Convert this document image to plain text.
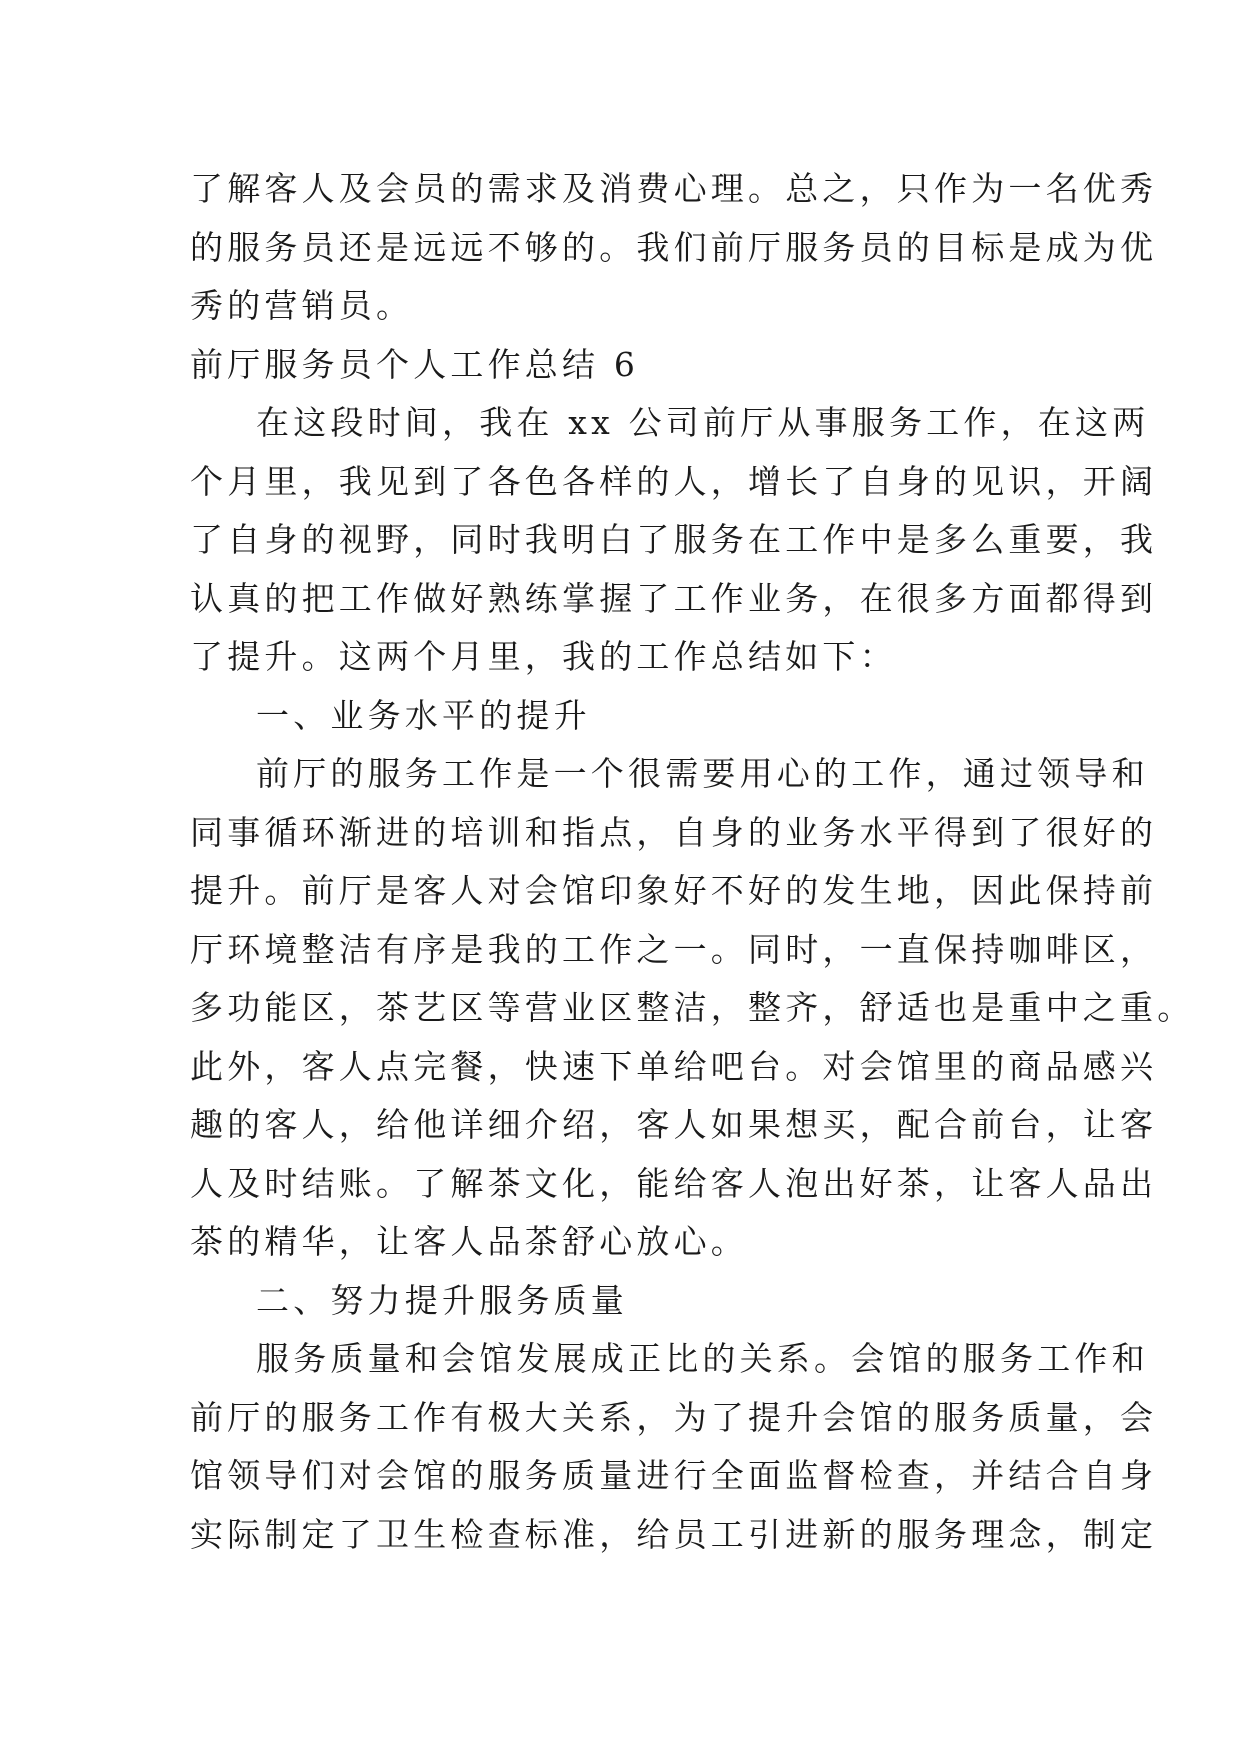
了解客人及会员的需求及消费心理。总之，只作为一名优秀
的服务员还是远远不够的。我们前厅服务员的目标是成为优
秀的营销员。
前厅服务员个人工作总结 6
在这段时间，我在 xx 公司前厅从事服务工作，在这两
个月里，我见到了各色各样的人，增长了自身的见识，开阔
了自身的视野，同时我明白了服务在工作中是多么重要，我
认真的把工作做好熟练掌握了工作业务，在很多方面都得到
了提升。这两个月里，我的工作总结如下：
一、业务水平的提升
前厅的服务工作是一个很需要用心的工作，通过领导和
同事循环渐进的培训和指点，自身的业务水平得到了很好的
提升。前厅是客人对会馆印象好不好的发生地，因此保持前
厅环境整洁有序是我的工作之一。同时，一直保持咖啡区，
多功能区，茶艺区等营业区整洁，整齐，舒适也是重中之重。
此外，客人点完餐，快速下单给吧台。对会馆里的商品感兴
趣的客人，给他详细介绍，客人如果想买，配合前台，让客
人及时结账。了解茶文化，能给客人泡出好茶，让客人品出
茶的精华，让客人品茶舒心放心。
二、努力提升服务质量
服务质量和会馆发展成正比的关系。会馆的服务工作和
前厅的服务工作有极大关系，为了提升会馆的服务质量，会
馆领导们对会馆的服务质量进行全面监督检查，并结合自身
实际制定了卫生检查标准，给员工引进新的服务理念，制定
